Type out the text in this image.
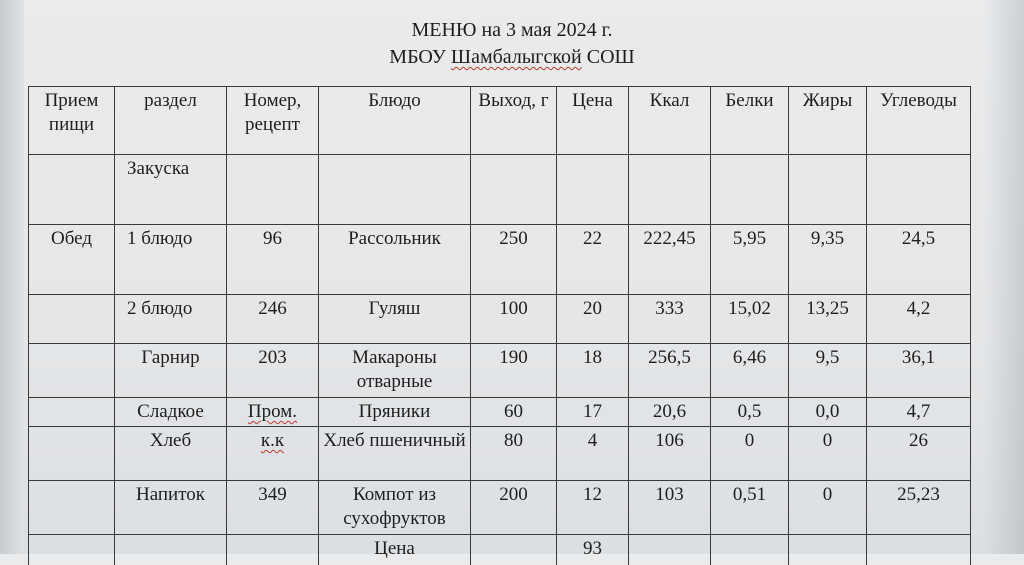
МЕНЮ на 3 мая 2024 г.
МБОУ Шамбалыгской СОШ
Прием пищи	раздел	Номер, рецепт	Блюдо	Выход, г	Цена	Ккал	Белки	Жиры	Углеводы
	Закуска								
Обед	1 блюдо	96	Рассольник	250	22	222,45	5,95	9,35	24,5
	2 блюдо	246	Гуляш	100	20	333	15,02	13,25	4,2
	Гарнир	203	Макароны отварные	190	18	256,5	6,46	9,5	36,1
	Сладкое	Пром.	Пряники	60	17	20,6	0,5	0,0	4,7
	Хлеб	к.к	Хлеб пшеничный	80	4	106	0	0	26
	Напиток	349	Компот из сухофруктов	200	12	103	0,51	0	25,23
			Цена		93				
